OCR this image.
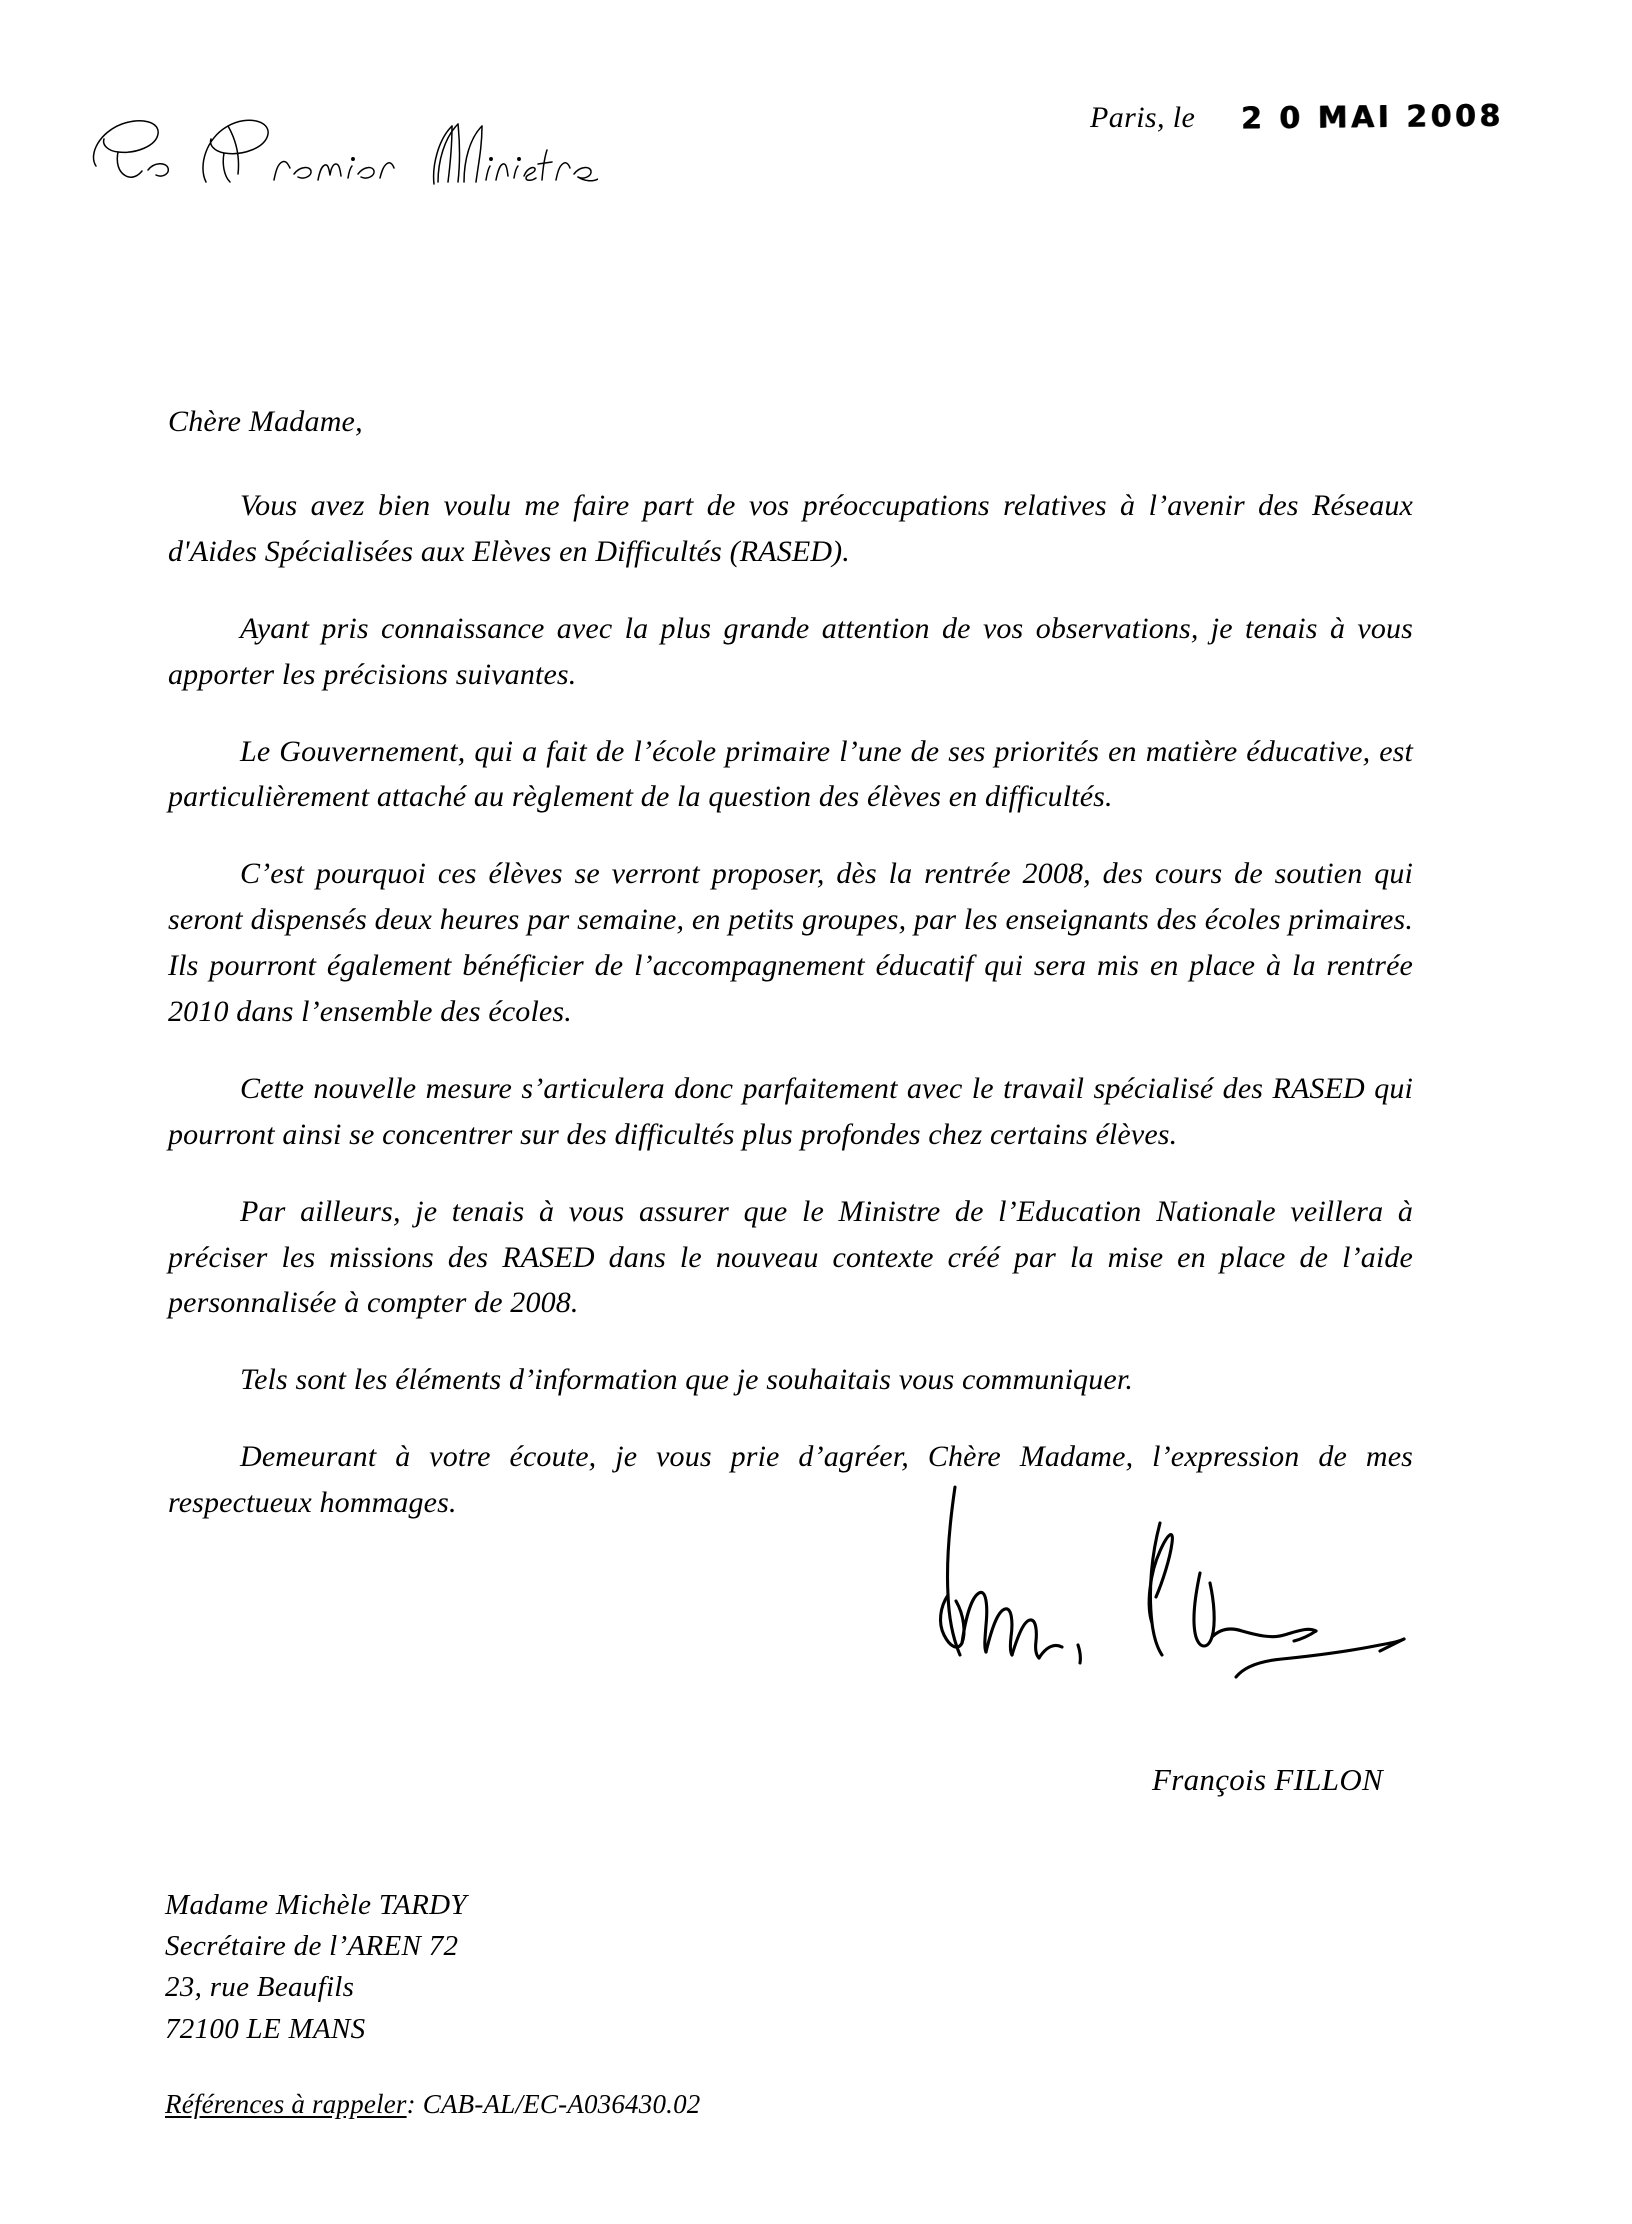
Paris, le 2 0 MAI 2008

Chère Madame,

Vous avez bien voulu me faire part de vos préoccupations relatives à l’avenir des Réseaux d'Aides Spécialisées aux Elèves en Difficultés (RASED).

Ayant pris connaissance avec la plus grande attention de vos observations, je tenais à vous apporter les précisions suivantes.

Le Gouvernement, qui a fait de l’école primaire l’une de ses priorités en matière éducative, est particulièrement attaché au règlement de la question des élèves en difficultés.

C’est pourquoi ces élèves se verront proposer, dès la rentrée 2008, des cours de soutien qui seront dispensés deux heures par semaine, en petits groupes, par les enseignants des écoles primaires. Ils pourront également bénéficier de l’accompagnement éducatif qui sera mis en place à la rentrée 2010 dans l’ensemble des écoles.

Cette nouvelle mesure s’articulera donc parfaitement avec le travail spécialisé des RASED qui pourront ainsi se concentrer sur des difficultés plus profondes chez certains élèves.

Par ailleurs, je tenais à vous assurer que le Ministre de l’Education Nationale veillera à préciser les missions des RASED dans le nouveau contexte créé par la mise en place de l’aide personnalisée à compter de 2008.

Tels sont les éléments d’information que je souhaitais vous communiquer.

Demeurant à votre écoute, je vous prie d’agréer, Chère Madame, l’expression de mes respectueux hommages.

François FILLON
Madame Michèle TARDY
Secrétaire de l’AREN 72
23, rue Beaufils
72100 LE MANS
Références à rappeler: CAB-AL/EC-A036430.02
